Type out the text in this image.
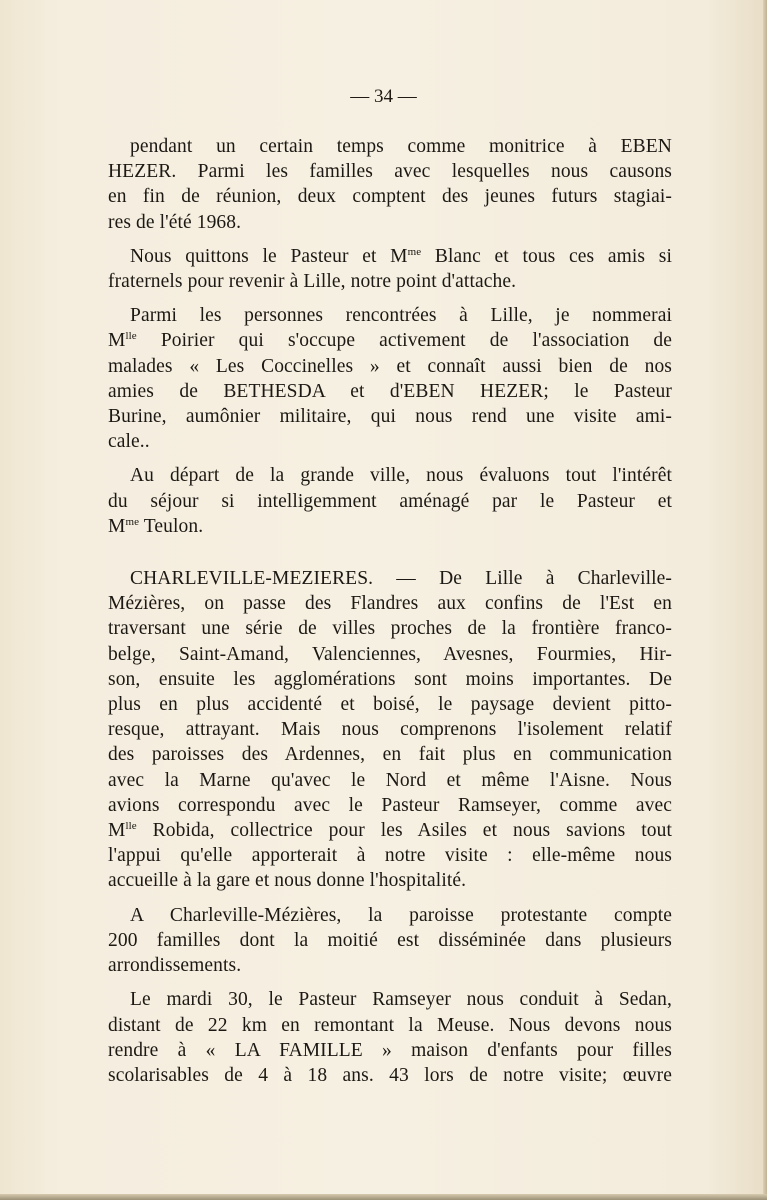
— 34 —
pendant un certain temps comme monitrice à EBEN
HEZER. Parmi les familles avec lesquelles nous causons
en fin de réunion, deux comptent des jeunes futurs stagiai-
res de l'été 1968.
Nous quittons le Pasteur et $M^{me}$ Blanc et tous ces amis si
fraternels pour revenir à Lille, notre point d'attache.
Parmi les personnes rencontrées à Lille, je nommerai
$M^{lle}$ Poirier qui s'occupe activement de l'association de
malades « Les Coccinelles » et connaît aussi bien de nos
amies de BETHESDA et d'EBEN HEZER; le Pasteur
Burine, aumônier militaire, qui nous rend une visite ami-
cale..
Au départ de la grande ville, nous évaluons tout l'intérêt
du séjour si intelligemment aménagé par le Pasteur et
$M^{me}$ Teulon.
CHARLEVILLE-MEZIERES. — De Lille à Charleville-
Mézières, on passe des Flandres aux confins de l'Est en
traversant une série de villes proches de la frontière franco-
belge, Saint-Amand, Valenciennes, Avesnes, Fourmies, Hir-
son, ensuite les agglomérations sont moins importantes. De
plus en plus accidenté et boisé, le paysage devient pitto-
resque, attrayant. Mais nous comprenons l'isolement relatif
des paroisses des Ardennes, en fait plus en communication
avec la Marne qu'avec le Nord et même l'Aisne. Nous
avions correspondu avec le Pasteur Ramseyer, comme avec
$M^{lle}$ Robida, collectrice pour les Asiles et nous savions tout
l'appui qu'elle apporterait à notre visite : elle-même nous
accueille à la gare et nous donne l'hospitalité.
A Charleville-Mézières, la paroisse protestante compte
200 familles dont la moitié est disséminée dans plusieurs
arrondissements.
Le mardi 30, le Pasteur Ramseyer nous conduit à Sedan,
distant de 22 km en remontant la Meuse. Nous devons nous
rendre à « LA FAMILLE » maison d'enfants pour filles
scolarisables de 4 à 18 ans. 43 lors de notre visite; œuvre
